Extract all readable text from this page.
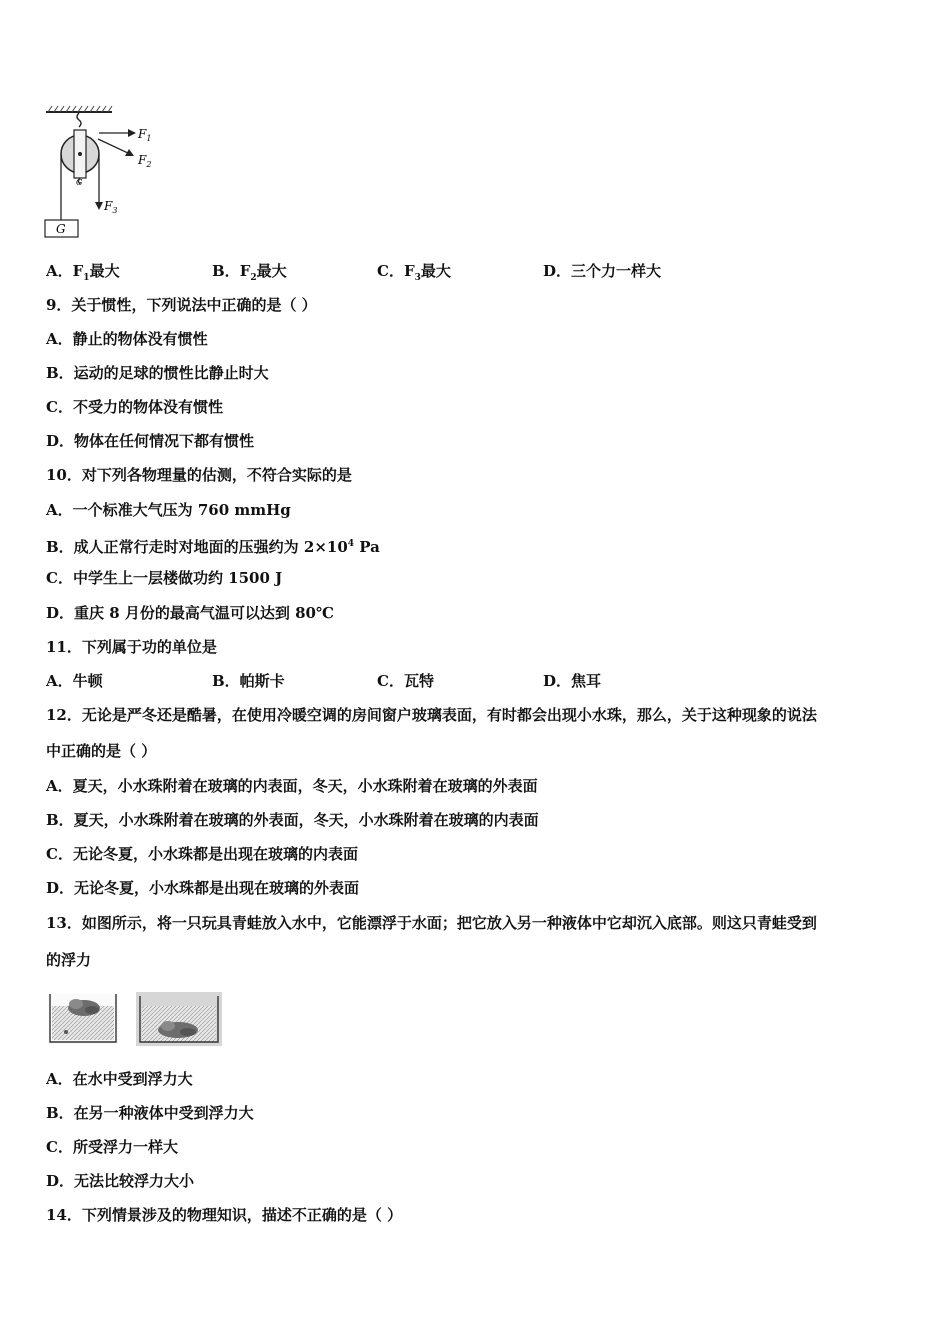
$F_1$
$F_2$
$F_3$
G
G
A．$F_1$最大	B．$F_2$最大	C．$F_3$最大	D．三个力一样大
9．关于惯性，下列说法中正确的是（ ）
A．静止的物体没有惯性
B．运动的足球的惯性比静止时大
C．不受力的物体没有惯性
D．物体在任何情况下都有惯性
10．对下列各物理量的估测，不符合实际的是
A．一个标准大气压为 760 mmHg
B．成人正常行走时对地面的压强约为 $2\times 10^4$ Pa
C．中学生上一层楼做功约 1500 J
D．重庆 8 月份的最高气温可以达到 80℃
11．下列属于功的单位是
A．牛顿	B．帕斯卡	C．瓦特	D．焦耳
12．无论是严冬还是酷暑，在使用冷暖空调的房间窗户玻璃表面，有时都会出现小水珠，那么，关于这种现象的说法
中正确的是（ ）
A．夏天，小水珠附着在玻璃的内表面，冬天，小水珠附着在玻璃的外表面
B．夏天，小水珠附着在玻璃的外表面，冬天，小水珠附着在玻璃的内表面
C．无论冬夏，小水珠都是出现在玻璃的内表面
D．无论冬夏，小水珠都是出现在玻璃的外表面
13．如图所示，将一只玩具青蛙放入水中，它能漂浮于水面；把它放入另一种液体中它却沉入底部。则这只青蛙受到
的浮力
A．在水中受到浮力大
B．在另一种液体中受到浮力大
C．所受浮力一样大
D．无法比较浮力大小
14．下列情景涉及的物理知识，描述不正确的是（ ）
